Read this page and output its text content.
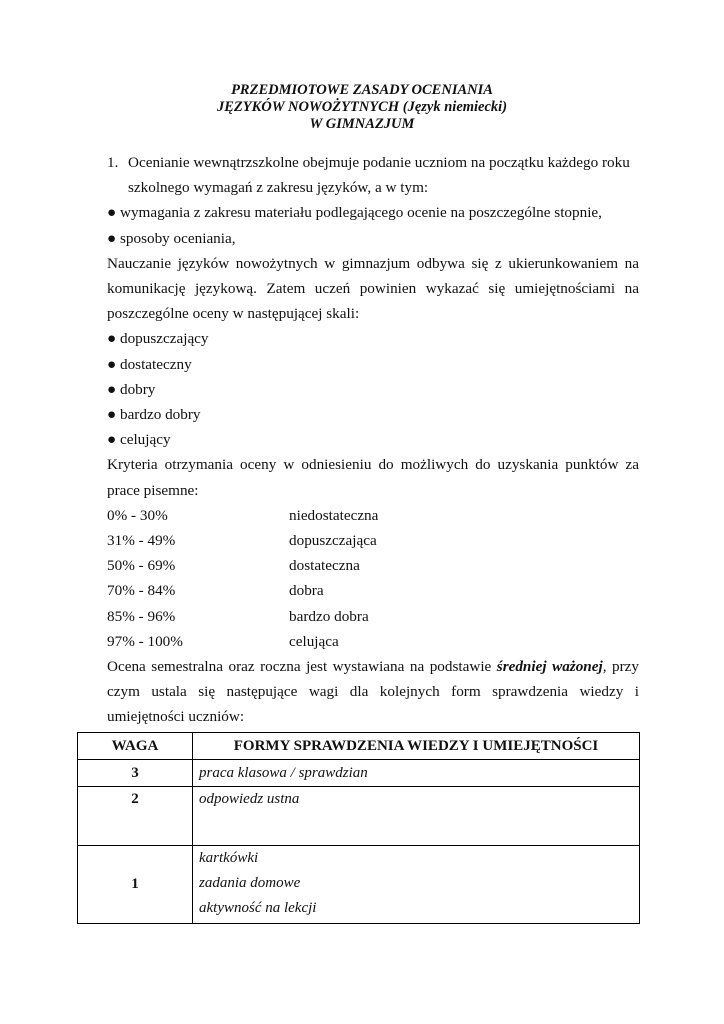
PRZEDMIOTOWE ZASADY OCENIANIA
JĘZYKÓW NOWOŻYTNYCH (Język niemiecki)
W GIMNAZJUM
1. Ocenianie wewnątrzszkolne obejmuje podanie uczniom na początku każdego roku
szkolnego wymagań z zakresu języków, a w tym:
● wymagania z zakresu materiału podlegającego ocenie na poszczególne stopnie,
● sposoby oceniania,
Nauczanie języków nowożytnych w gimnazjum odbywa się z ukierunkowaniem na komunikację językową. Zatem uczeń powinien wykazać się umiejętnościami na poszczególne oceny w następującej skali:
● dopuszczający
● dostateczny
● dobry
● bardzo dobry
● celujący
Kryteria otrzymania oceny w odniesieniu do możliwych do uzyskania punktów za prace pisemne:
0% - 30%	niedostateczna
31% - 49%	dopuszczająca
50% - 69%	dostateczna
70% - 84%	dobra
85% - 96%	bardzo dobra
97% - 100%	celująca
Ocena semestralna oraz roczna jest wystawiana na podstawie średniej ważonej, przy czym ustala się następujące wagi dla kolejnych form sprawdzenia wiedzy i umiejętności uczniów:
WAGA	FORMY SPRAWDZENIA WIEDZY I UMIEJĘTNOŚCI
3	praca klasowa / sprawdzian
2	odpowiedz ustna
1	kartkówki
zadania domowe
aktywność na lekcji
